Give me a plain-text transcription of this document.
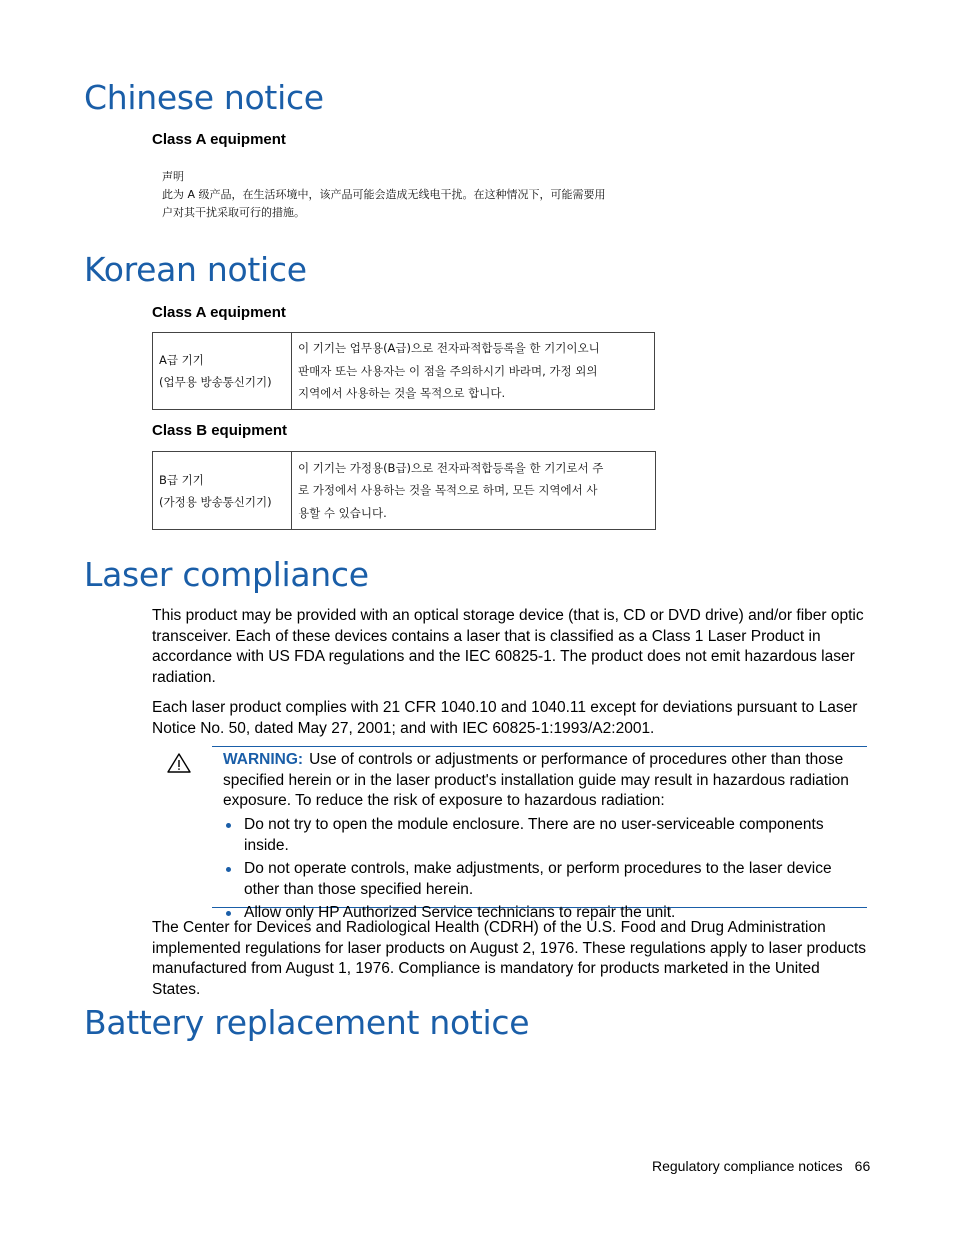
Chinese notice
Class A equipment
声明
此为 A 级产品，在生活环境中，该产品可能会造成无线电干扰。在这种情况下，可能需要用
户对其干扰采取可行的措施。
Korean notice
Class A equipment
A급 기기
(업무용 방송통신기기)

이 기기는 업무용(A급)으로 전자파적합등록을 한 기기이오니
판매자 또는 사용자는 이 점을 주의하시기 바라며, 가정 외의
지역에서 사용하는 것을 목적으로 합니다.
Class B equipment
B급 기기
(가정용 방송통신기기)

이 기기는 가정용(B급)으로 전자파적합등록을 한 기기로서 주
로 가정에서 사용하는 것을 목적으로 하며, 모든 지역에서 사
용할 수 있습니다.
Laser compliance

This product may be provided with an optical storage device (that is, CD or DVD drive) and/or fiber optic transceiver. Each of these devices contains a laser that is classified as a Class 1 Laser Product in accordance with US FDA regulations and the IEC 60825-1. The product does not emit hazardous laser radiation.

Each laser product complies with 21 CFR 1040.10 and 1040.11 except for deviations pursuant to Laser Notice No. 50, dated May 27, 2001; and with IEC 60825-1:1993/A2:2001.

WARNING: Use of controls or adjustments or performance of procedures other than those specified herein or in the laser product's installation guide may result in hazardous radiation exposure. To reduce the risk of exposure to hazardous radiation:

Do not try to open the module enclosure. There are no user-serviceable components inside.
Do not operate controls, make adjustments, or perform procedures to the laser device other than those specified herein.
Allow only HP Authorized Service technicians to repair the unit.

The Center for Devices and Radiological Health (CDRH) of the U.S. Food and Drug Administration implemented regulations for laser products on August 2, 1976. These regulations apply to laser products manufactured from August 1, 1976. Compliance is mandatory for products marketed in the United States.

Battery replacement notice
Regulatory compliance notices 66
